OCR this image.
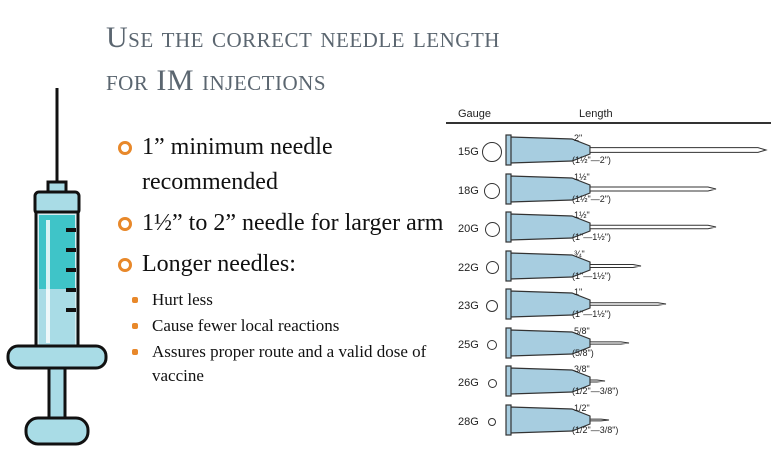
Use the correct needle length
for IM injections
1” minimum needle recommended
1½” to 2” needle for larger arm
Longer needles:
Hurt less
Cause fewer local reactions
Assures proper route and a valid dose of vaccine
Gauge	Length
15G
2"
(1½"—2")
18G
1½"
(1½"—2")
20G
1½"
(1"—1½")
22G
¾"
(1"—1½")
23G
1"
(1"—1½")
25G
5/8"
(5/8")
26G
3/8"
(1/2"—3/8")
28G
1/2"
(1/2"—3/8")
